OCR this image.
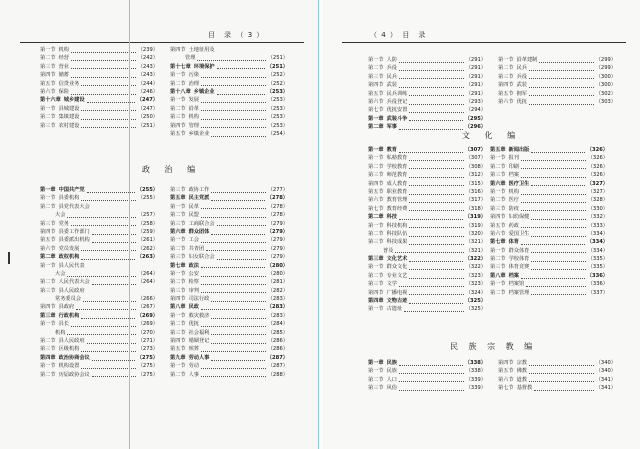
目　录　（ 3 ）
第一节 机构	（239）
第二节 经营	（242）
第三节 营业	（243）
第四节 储蓄	（243）
第五节 信贷业务	（244）
第六节 保险	（246）
第十六章 城乡建设	（247）
第一节 县城建设	（247）
第二节 集镇建设	（250）
第三节 农村建设	（251）
第四节 土地征用及
管理	（251）
第十七章 环境保护	（251）
第一节 污染	（252）
第二节 治理	（252）
第十八章 乡镇企业	（253）
第一节 发展	（253）
第二节 沿革	（253）
第三节 机构	（253）
第四节 管理	（253）
第五节 乡镇企业	（254）
政 治 编
第一章 中国共产党	（255）
第一节 县委机构	（255）
第二节 县党代表大会
大会	（257）
第三节 党务	（258）
第四节 县委工作部门	（259）
第五节 县委派出机构	（261）
第六节 党员发展	（262）
第二章 政权机构	（263）
第一节 县人民代表
大会	（264）
第二节 人民代表大会	（264）
第三节 县人民政府
常务委员会	（266）
第四节 县政府	（267）
第三章 行政机构	（269）
第一节 县长	（269）
机构	（270）
第二节 县人民政府	（271）
第三节 区级机构	（273）
第四章 政治协商会议	（275）
第一节 机构设置	（275）
第二节 历届政协会议	（275）
第三节 政协工作	（277）
第五章 民主党派	（278）
第一节 民革	（278）
第二节 民盟	（278）
第三节 工商联合会	（279）
第六章 群众团体	（279）
第一节 工会	（279）
第二节 共青团	（279）
第三节 妇女联合会	（279）
第七章 政法	（280）
第一节 公安	（280）
第二节 检察	（281）
第三节 审判	（282）
第四节 司法行政	（283）
第八章 民政	（283）
第一节 救灾救济	（283）
第二节 优抚	（284）
第三节 社会福利	（285）
第四节 婚姻登记	（286）
第五节 殡葬	（286）
第九章 劳动人事	（287）
第一节 劳动	（287）
第二节 人事	（288）
（ 4 ）　目　录
第一节 人防	（291）
第二节 兵役	（291）
第三节 民兵	（291）
第四节 武装	（291）
第五节 民兵训练	（291）
第六节 兵役登记	（293）
第七节 优抚安置	（294）
第一章 武装斗争	（295）
第二章 军事	（296）
第一节 沿革建制	（299）
第二节 民兵	（299）
第三节 兵役	（300）
第四节 武装	（300）
第五节 拥军	（302）
第六节 优抚	（303）
文 化 编
第一章 教育	（307）
第一节 私塾教育	（307）
第二节 学校教育	（308）
第三节 师范教育	（312）
第四节 成人教育	（315）
第五节 职业教育	（316）
第六节 教育管理	（317）
第七节 教育经费	（318）
第二章 科技	（319）
第一节 科技机构	（319）
第二节 科技队伍	（320）
第三节 科技成果	（321）
普及	（321）
第三章 文化艺术	（322）
第一节 群众文化	（322）
第二节 专业文艺	（323）
第三节 文学	（323）
第四节 广播电视	（324）
第四章 文物古迹	（325）
第一节 古遗址	（325）
第五章 新闻出版	（326）
第一节 报刊	（326）
第二节 印刷	（326）
第三节 档案	（326）
第六章 医疗卫生	（327）
第一节 机构	（327）
第二节 医疗	（328）
第三节 防疫	（330）
第四节 妇幼保健	（332）
第五节 药政	（333）
第六节 爱国卫生	（334）
第七章 体育	（334）
第一节 群众体育	（334）
第二节 学校体育	（335）
第三节 体育竞赛	（335）
第八章 档案	（336）
第一节 档案馆	（336）
第二节 档案管理	（337）
民 族 宗 教 编
第一章 民族	（338）
第一节 民族	（338）
第二节 人口	（339）
第三节 风俗	（339）
第四节 宗教	（340）
第五节 佛教	（340）
第六节 道教	（341）
第七节 基督教	（341）
